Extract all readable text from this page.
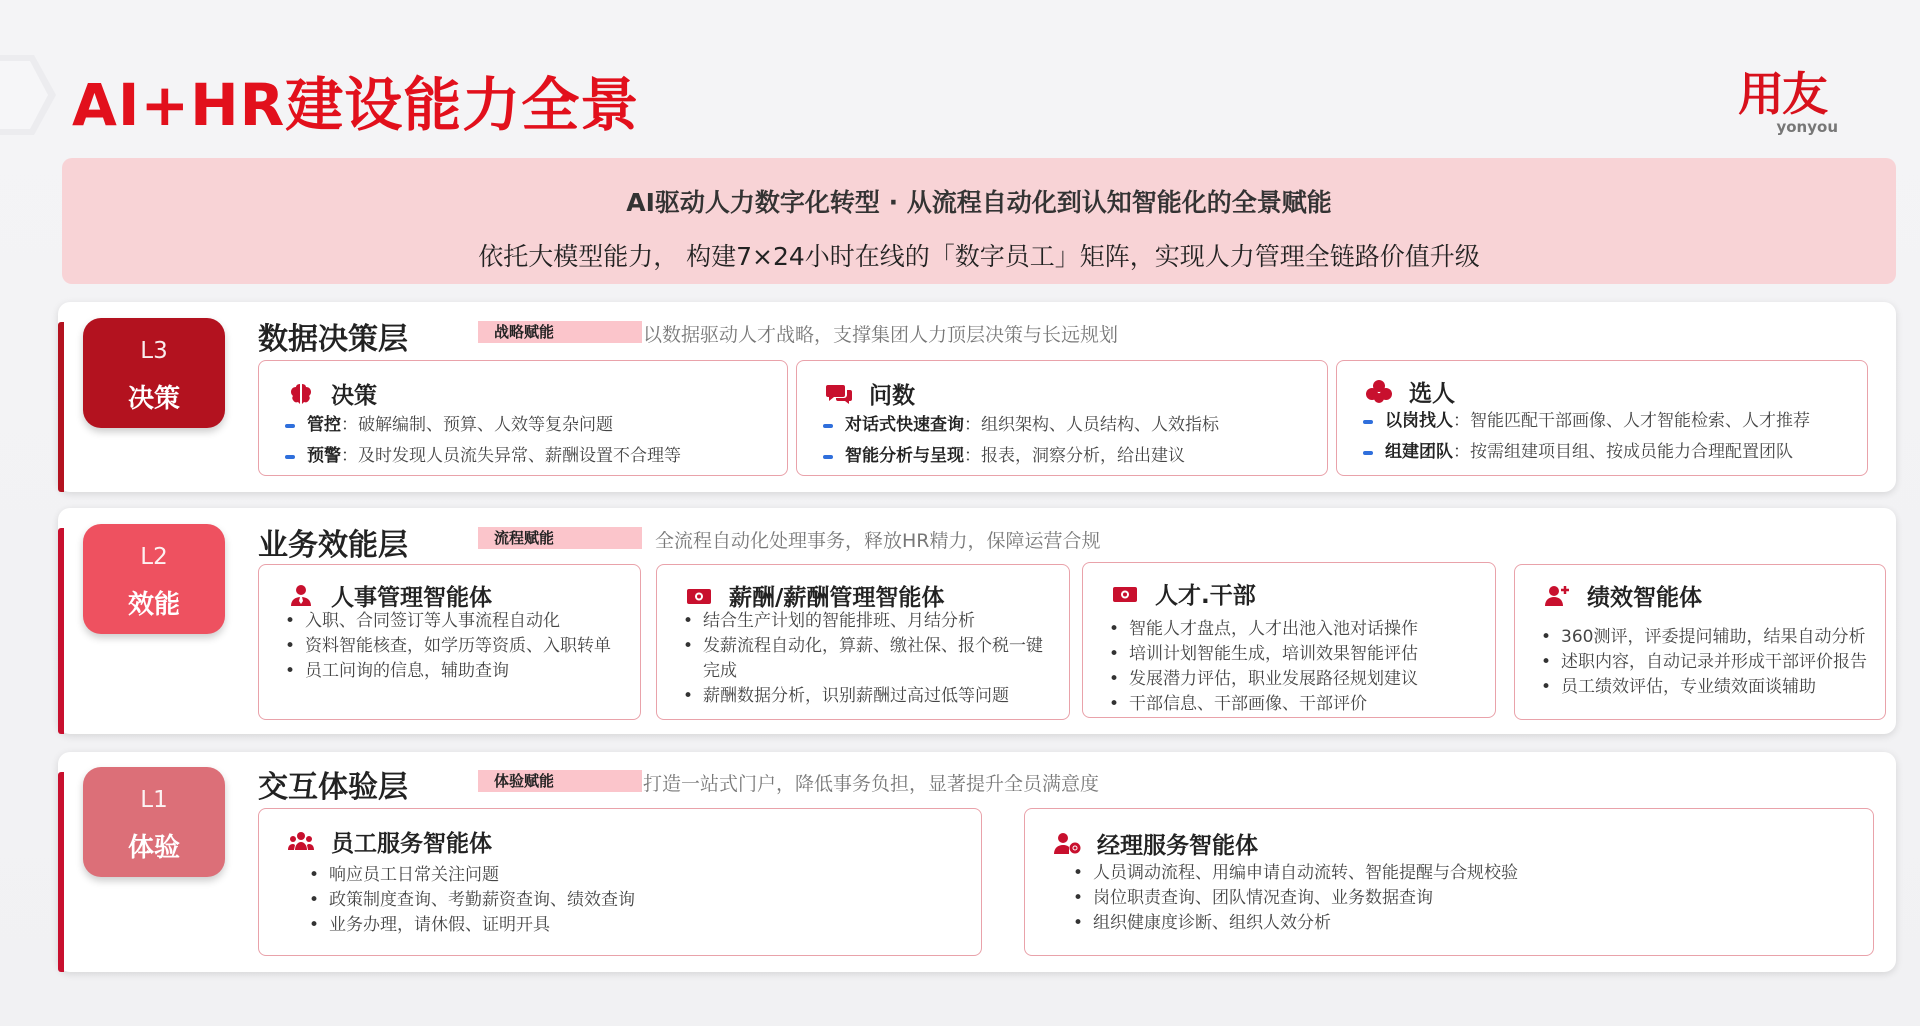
AI+HR建设能力全景	用友
yonyou
AI驱动人力数字化转型 · 从流程自动化到认知智能化的全景赋能
依托大模型能力， 构建7×24小时在线的「数字员工」矩阵，实现人力管理全链路价值升级
L3
决策
数据决策层	战略赋能	以数据驱动人才战略，支撑集团人力顶层决策与长远规划
决策
管控：破解编制、预算、人效等复杂问题
预警：及时发现人员流失异常、薪酬设置不合理等
问数
对话式快速查询：组织架构、人员结构、人效指标
智能分析与呈现：报表，洞察分析，给出建议
选人
以岗找人：智能匹配干部画像、人才智能检索、人才推荐
组建团队：按需组建项目组、按成员能力合理配置团队
L2
效能
业务效能层	流程赋能	全流程自动化处理事务，释放HR精力，保障运营合规
人事管理智能体
• 入职、合同签订等人事流程自动化
• 资料智能核查，如学历等资质、入职转单
• 员工问询的信息，辅助查询
薪酬/薪酬管理智能体
• 结合生产计划的智能排班、月结分析
• 发薪流程自动化，算薪、缴社保、报个税一键完成
• 薪酬数据分析，识别薪酬过高过低等问题
人才.干部
• 智能人才盘点，人才出池入池对话操作
• 培训计划智能生成，培训效果智能评估
• 发展潜力评估，职业发展路径规划建议
• 干部信息、干部画像、干部评价
绩效智能体
• 360测评，评委提问辅助，结果自动分析
• 述职内容，自动记录并形成干部评价报告
• 员工绩效评估，专业绩效面谈辅助
L1
体验
交互体验层	体验赋能	打造一站式门户，降低事务负担，显著提升全员满意度
员工服务智能体
• 响应员工日常关注问题
• 政策制度查询、考勤薪资查询、绩效查询
• 业务办理，请休假、证明开具
经理服务智能体
• 人员调动流程、用编申请自动流转、智能提醒与合规校验
• 岗位职责查询、团队情况查询、业务数据查询
• 组织健康度诊断、组织人效分析
